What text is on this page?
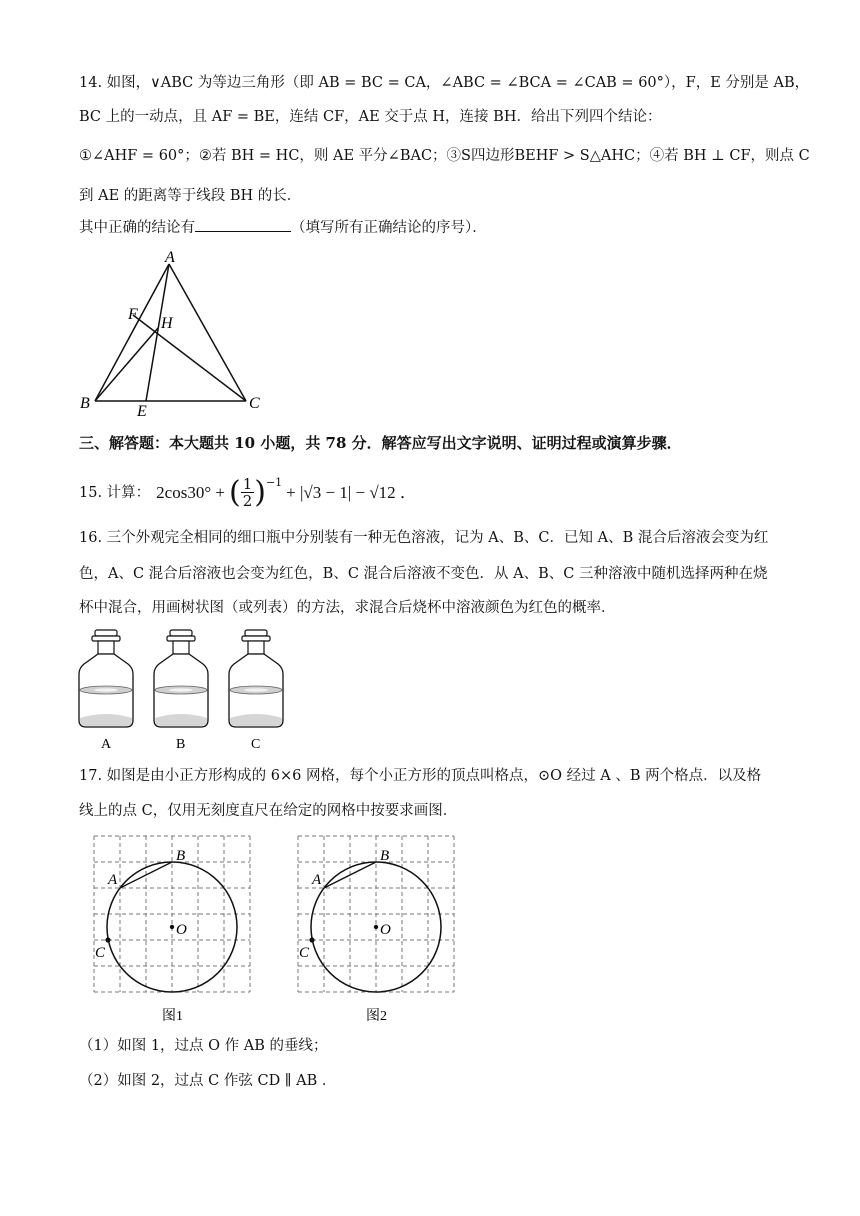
14. 如图，∨ABC 为等边三角形（即 AB = BC = CA，∠ABC = ∠BCA = ∠CAB = 60°），F，E 分别是 AB，
BC 上的一动点，且 AF = BE，连结 CF，AE 交于点 H，连接 BH．给出下列四个结论：
①∠AHF = 60°；②若 BH = HC，则 AE 平分∠BAC；③S四边形BEHF > S△AHC；④若 BH ⊥ CF，则点 C
到 AE 的距离等于线段 BH 的长．
其中正确的结论有	（填写所有正确结论的序号）．
A
F
H
B	E	C
三、解答题：本大题共 10 小题，共 78 分．解答应写出文字说明、证明过程或演算步骤．
15. 计算： 2cos30° + ( $\frac{1}{2} )^{-1}$
+ |√3 − 1| − √12 ．
16. 三个外观完全相同的细口瓶中分别装有一种无色溶液，记为 A、B、C．已知 A、B 混合后溶液会变为红
色，A、C 混合后溶液也会变为红色，B、C 混合后溶液不变色．从 A、B、C 三种溶液中随机选择两种在烧
杯中混合，用画树状图（或列表）的方法，求混合后烧杯中溶液颜色为红色的概率．
A	B	C
17. 如图是由小正方形构成的 6×6 网格，每个小正方形的顶点叫格点，⊙O 经过 A 、B 两个格点．以及格
线上的点 C，仅用无刻度直尺在给定的网格中按要求画图．
B
A
O
C
图1
B
A
O
C
图2
（1）如图 1，过点 O 作 AB 的垂线；
（2）如图 2，过点 C 作弦 CD ∥ AB ．
